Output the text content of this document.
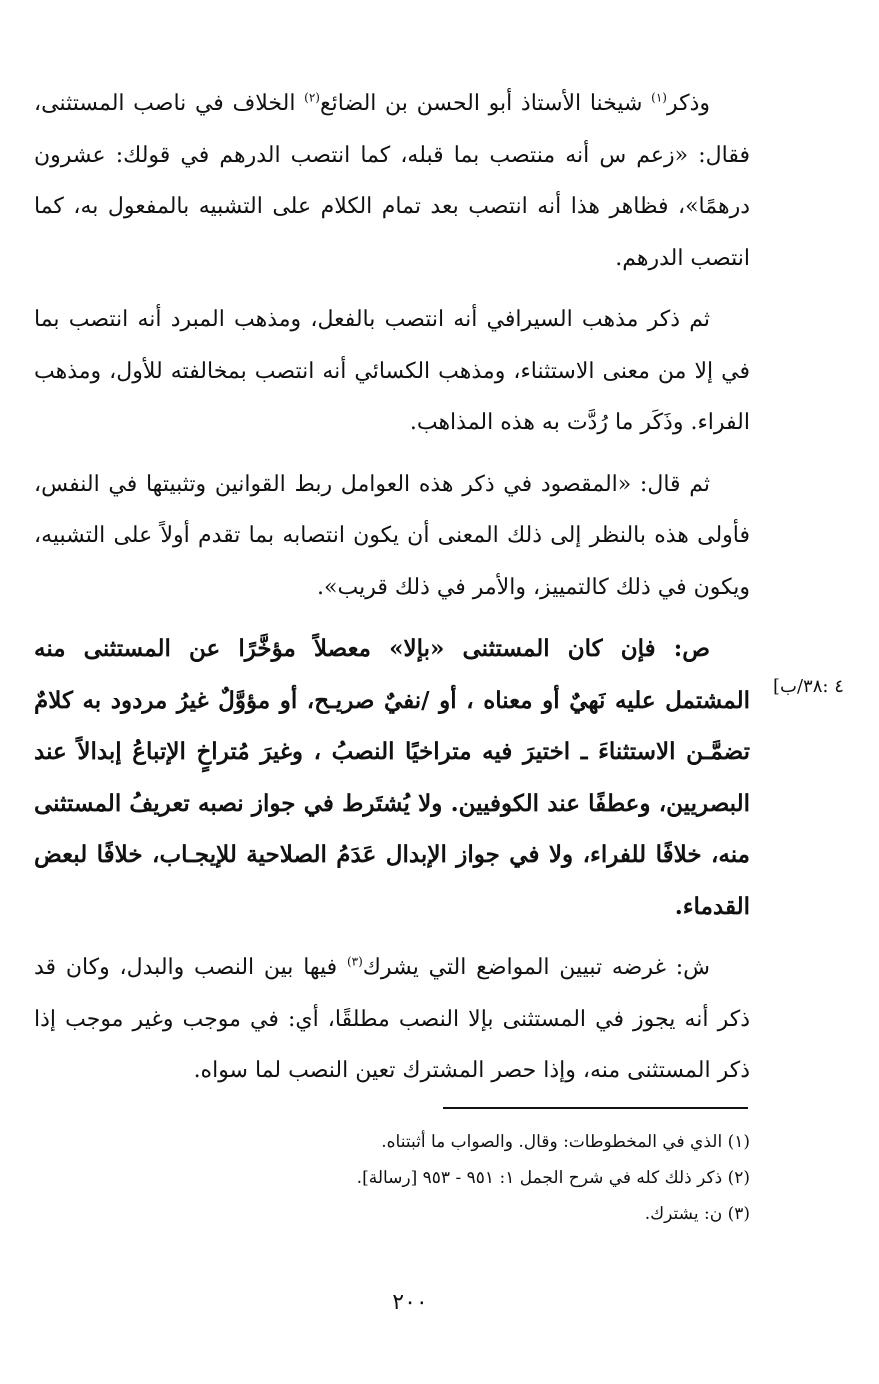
وذكر$^{(١)}$ شيخنا الأستاذ أبو الحسن بن الضائع$^{(٢)}$ الخلاف في ناصب المستثنى، فقال: «زعم س أنه منتصب بما قبله، كما انتصب الدرهم في قولك: عشرون درهمًا»، فظاهر هذا أنه انتصب بعد تمام الكلام على التشبيه بالمفعول به، كما انتصب الدرهم.

ثم ذكر مذهب السيرافي أنه انتصب بالفعل، ومذهب المبرد أنه انتصب بما في إلا من معنى الاستثناء، ومذهب الكسائي أنه انتصب بمخالفته للأول، ومذهب الفراء. وذَكَر ما رُدَّت به هذه المذاهب.

ثم قال: «المقصود في ذكر هذه العوامل ربط القوانين وتثبيتها في النفس، فأولى هذه بالنظر إلى ذلك المعنى أن يكون انتصابه بما تقدم أولاً على التشبيه، ويكون في ذلك كالتمييز، والأمر في ذلك قريب».

ص: فإن كان المستثنى «بإلا» معصلاً مؤخَّرًا عن المستثنى منه المشتمل عليه نَهيٌ أو معناه ، أو /نفيٌ صريـح، أو مؤوَّلٌ غيرُ مردود به كلامٌ تضمَّـن الاستثناءَ ـ اختيرَ فيه متراخيًا النصبُ ، وغيرَ مُتراخٍ الإتباعُ إبدالاً عند البصريين، وعطفًا عند الكوفيين. ولا يُشتَرط في جواز نصبه تعريفُ المستثنى منه، خلافًا للفراء، ولا في جواز الإبدال عَدَمُ الصلاحية للإيجـاب، خلافًا لبعض القدماء.

ش: غرضه تبيين المواضع التي يشرك$^{(٣)}$ فيها بين النصب والبدل، وكان قد ذكر أنه يجوز في المستثنى بإلا النصب مطلقًا، أي: في موجب وغير موجب إذا ذكر المستثنى منه، وإذا حصر المشترك تعين النصب لما سواه.

٤ :٣٨/ب]

(١) الذي في المخطوطات: وقال. والصواب ما أثبتناه.

(٢) ذكر ذلك كله في شرح الجمل ١: ٩٥١ - ٩٥٣ [رسالة].

(٣) ن: يشترك.

٢٠٠
